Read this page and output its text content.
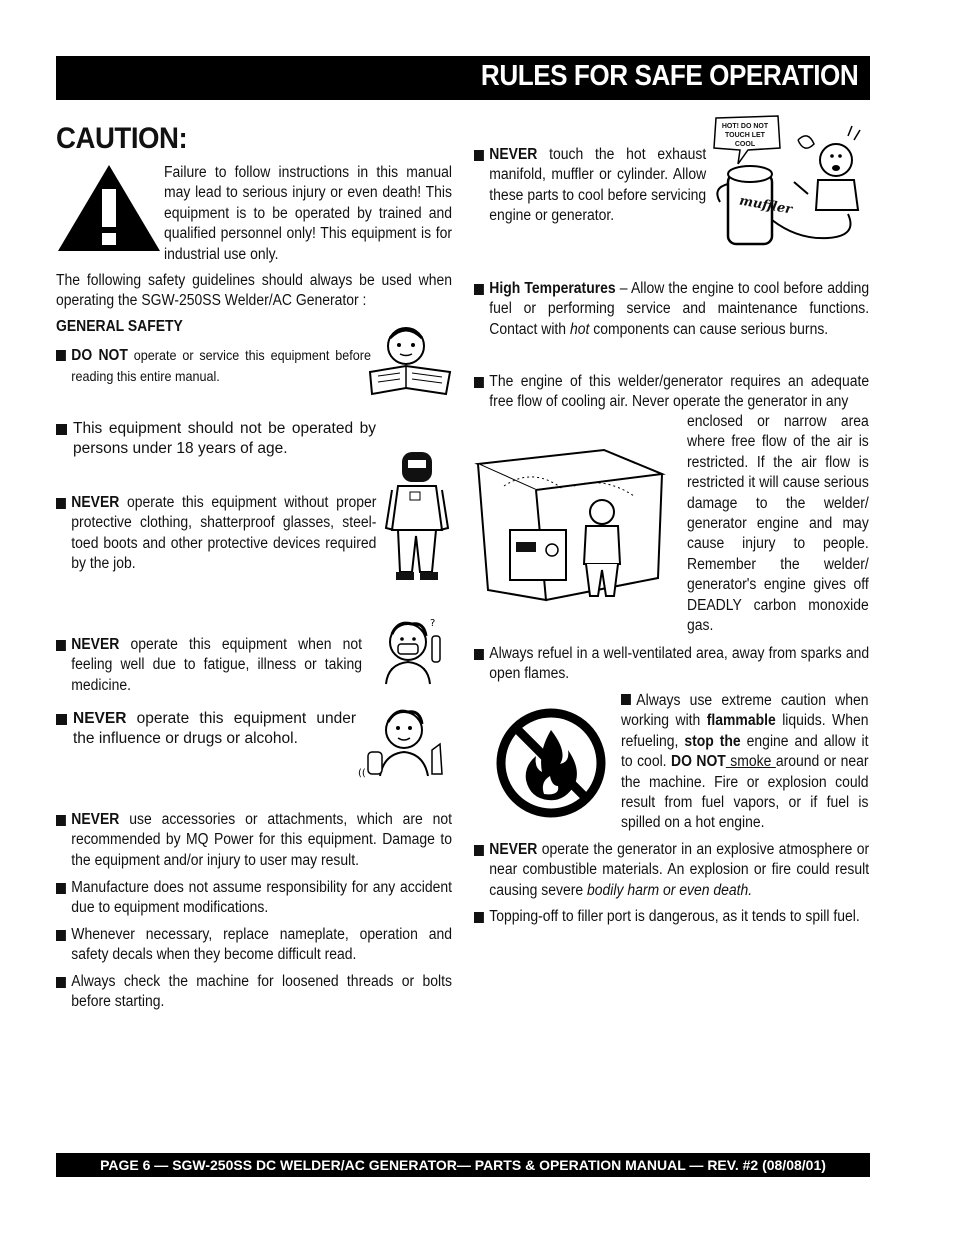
RULES FOR SAFE OPERATION
CAUTION:
Failure to follow instructions in this manual may lead to serious injury or even death! This equipment is to be operated by trained and qualified personnel only! This equipment is for industrial use only.
The following safety guidelines should always be used when operating the SGW-250SS Welder/AC Generator :
GENERAL SAFETY
DO NOT operate or service this equipment before reading this entire manual.
This equipment should not be operated by persons under 18 years of age.
NEVER operate this equipment without proper protective clothing, shatterproof glasses, steel-toed boots and other protective devices required by the job.
NEVER operate this equipment when not feeling well due to fatigue, illness or taking medicine.
?
NEVER operate this equipment under the influence or drugs or alcohol.
((
NEVER use accessories or attachments, which are not recommended by MQ Power for this equipment. Damage to the equipment and/or injury to user may result.
Manufacture does not assume responsibility for any accident due to equipment modifications.
Whenever necessary, replace nameplate, operation and safety decals when they become difficult read.
Always check the machine for loosened threads or bolts before starting.
NEVER touch the hot exhaust manifold, muffler or cylinder. Allow these parts to cool before servicing engine or generator.
HOT! DO NOT TOUCH LET COOL
muffler
High Temperatures – Allow the engine to cool before adding fuel or performing service and maintenance functions. Contact with hot components can cause serious burns.
The engine of this welder/generator requires an adequate free flow of cooling air. Never operate the generator in any
enclosed or narrow area where free flow of the air is restricted. If the air flow is restricted it will cause serious damage to the welder/ generator engine and may cause injury to people. Remember the welder/ generator's engine gives off DEADLY carbon monoxide gas.
Always refuel in a well-ventilated area, away from sparks and open flames.
Always use extreme caution when working with flammable liquids. When refueling, stop the engine and allow it to cool. DO NOT smoke around or near the machine. Fire or explosion could result from fuel vapors, or if fuel is spilled on a hot engine.
NEVER operate the generator in an explosive atmosphere or near combustible materials. An explosion or fire could result causing severe bodily harm or even death.
Topping-off to filler port is dangerous, as it tends to spill fuel.
PAGE 6 — SGW-250SS DC WELDER/AC GENERATOR— PARTS & OPERATION MANUAL — REV. #2 (08/08/01)
